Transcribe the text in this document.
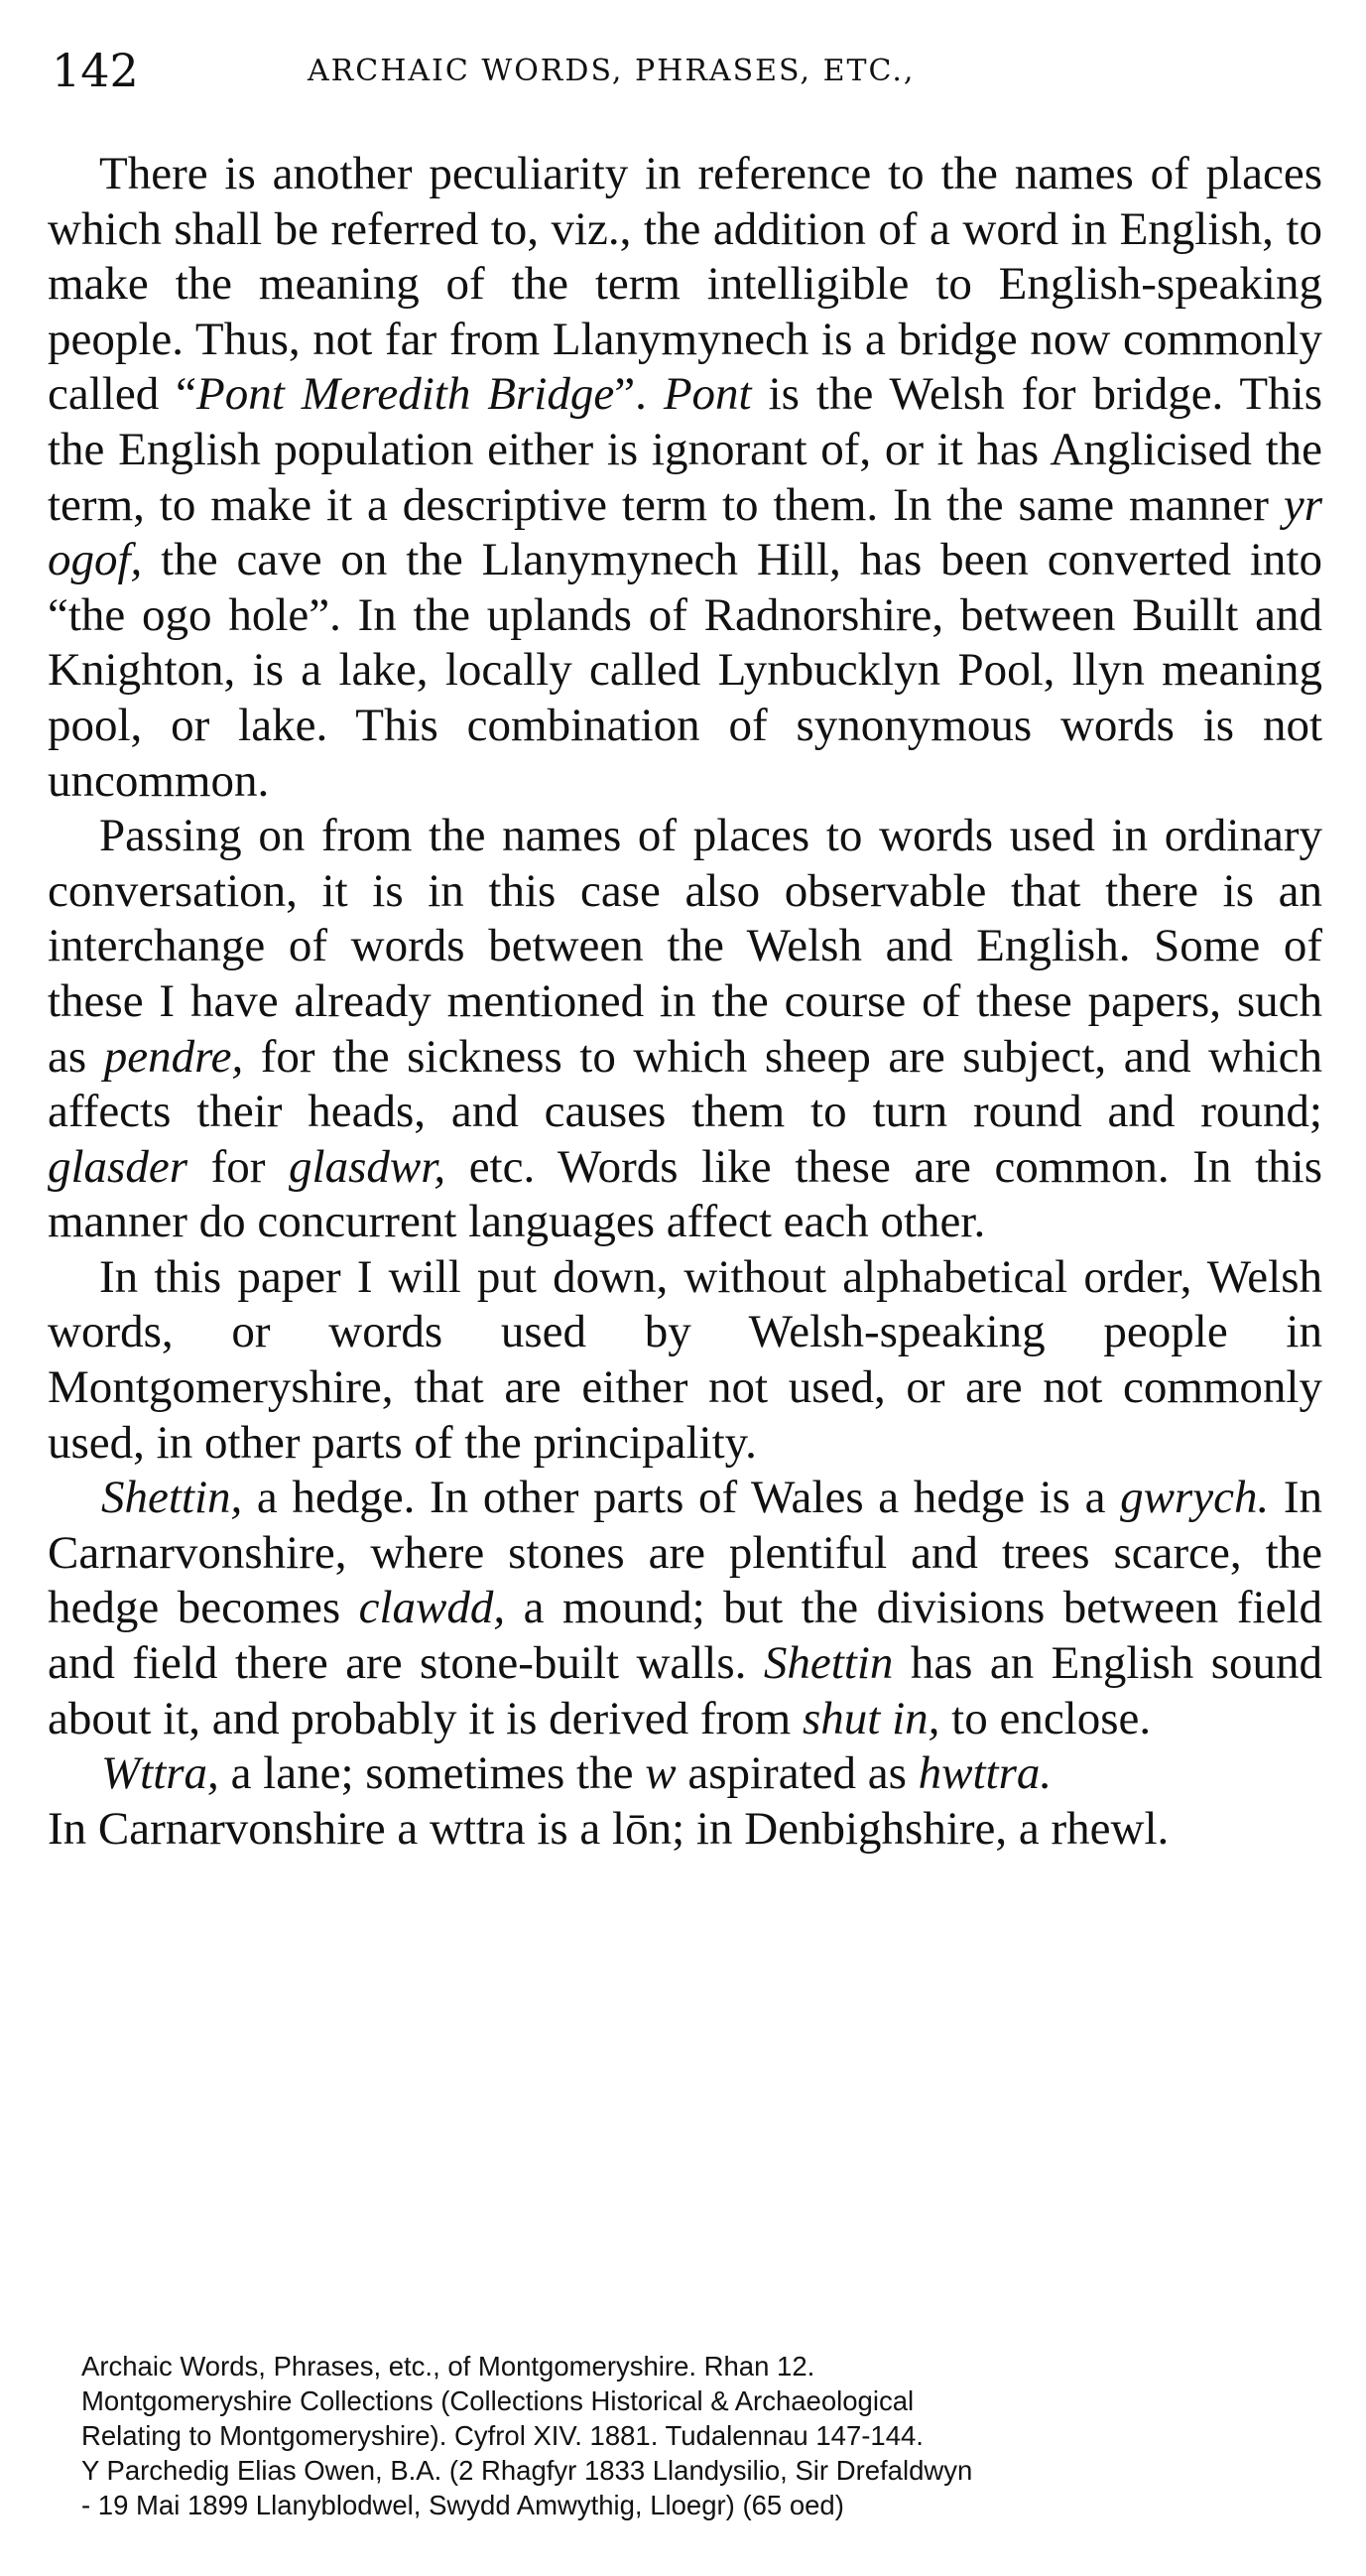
142	ARCHAIC WORDS, PHRASES, ETC.,

There is another peculiarity in reference to the names of places which shall be referred to, viz., the addition of a word in English, to make the meaning of the term intelligible to English-speaking people. Thus, not far from Llanymynech is a bridge now commonly called “Pont Meredith Bridge”. Pont is the Welsh for bridge. This the English population either is ignorant of, or it has Anglicised the term, to make it a descriptive term to them. In the same manner yr ogof, the cave on the Llanymynech Hill, has been converted into “the ogo hole”. In the uplands of Radnorshire, between Buillt and Knighton, is a lake, locally called Lynbucklyn Pool, llyn meaning pool, or lake. This combination of synonymous words is not uncommon.

Passing on from the names of places to words used in ordinary conversation, it is in this case also observable that there is an interchange of words between the Welsh and English. Some of these I have already mentioned in the course of these papers, such as pendre, for the sickness to which sheep are subject, and which affects their heads, and causes them to turn round and round; glasder for glasdwr, etc. Words like these are common. In this manner do concurrent languages affect each other.

In this paper I will put down, without alphabetical order, Welsh words, or words used by Welsh-speaking people in Montgomeryshire, that are either not used, or are not commonly used, in other parts of the principality.

Shettin, a hedge. In other parts of Wales a hedge is a gwrych. In Carnarvonshire, where stones are plentiful and trees scarce, the hedge becomes clawdd, a mound; but the divisions between field and field there are stone-built walls. Shettin has an English sound about it, and probably it is derived from shut in, to enclose.

Wttra, a lane; sometimes the w aspirated as hwttra.

In Carnarvonshire a wttra is a lōn; in Denbighshire, a rhewl.

Archaic Words, Phrases, etc., of Montgomeryshire. Rhan 12.
Montgomeryshire Collections (Collections Historical & Archaeological
Relating to Montgomeryshire). Cyfrol XIV. 1881. Tudalennau 147-144.
Y Parchedig Elias Owen, B.A. (2 Rhagfyr 1833 Llandysilio, Sir Drefaldwyn
- 19 Mai 1899 Llanyblodwel, Swydd Amwythig, Lloegr) (65 oed)
